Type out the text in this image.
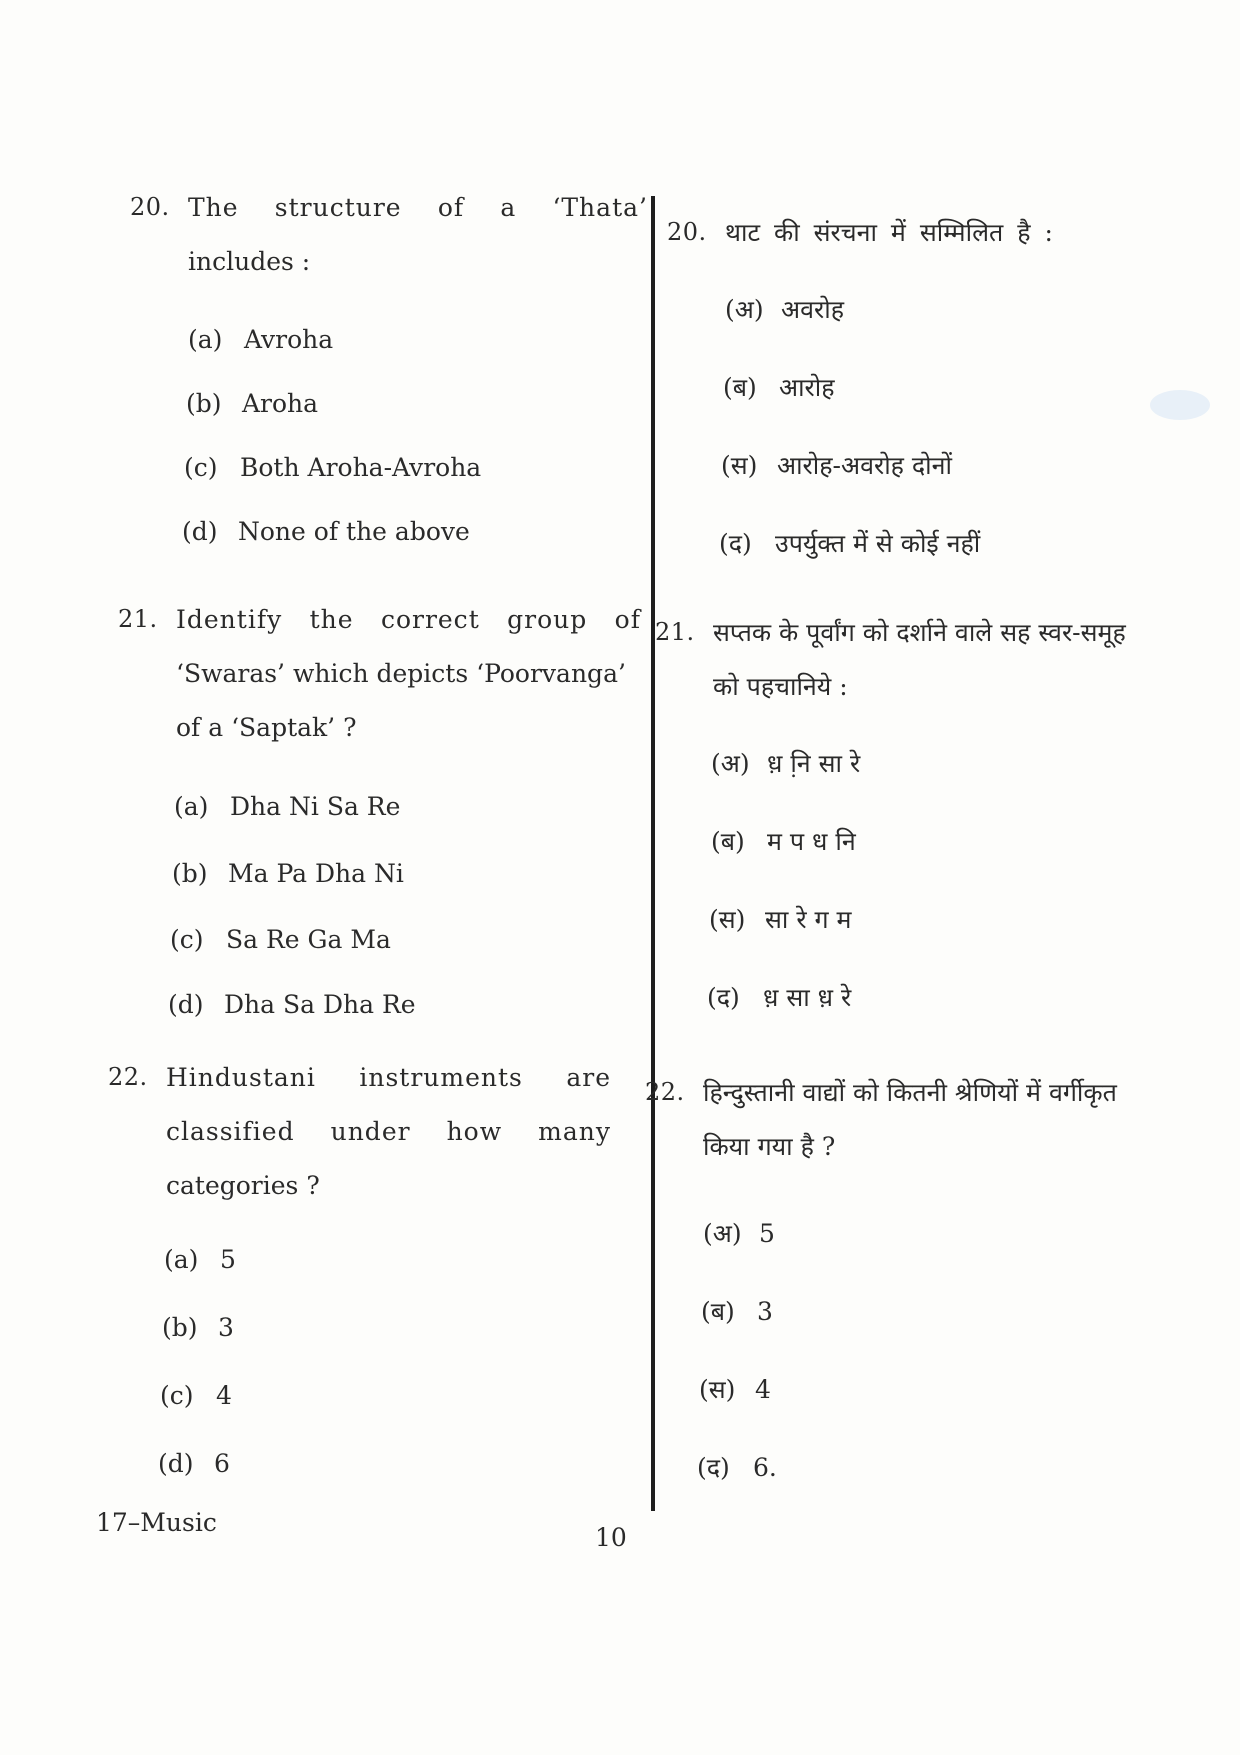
20. The structure of a ‘Thata’
includes :
(a) Avroha
(b) Aroha
(c) Both Aroha-Avroha
(d) None of the above
21. Identify the correct group of
‘Swaras’ which depicts ‘Poorvanga’
of a ‘Saptak’ ?
(a) Dha Ni Sa Re
(b) Ma Pa Dha Ni
(c) Sa Re Ga Ma
(d) Dha Sa Dha Re
22. Hindustani instruments are
classified under how many
categories ?
(a) 5
(b) 3
(c) 4
(d) 6
20. थाट की संरचना में सम्मिलित है :
(अ) अवरोह
(ब) आरोह
(स) आरोह-अवरोह दोनों
(द) उपर्युक्त में से कोई नहीं
21. सप्तक के पूर्वांग को दर्शाने वाले सह स्वर-समूह
को पहचानिये :
(अ) ध़ नि़ सा रे
(ब) म प ध नि
(स) सा रे ग म
(द) ध़ सा ध़ रे
22. हिन्दुस्तानी वाद्यों को कितनी श्रेणियों में वर्गीकृत
किया गया है ?
(अ) 5
(ब) 3
(स) 4
(द) 6.
17–Music
10
